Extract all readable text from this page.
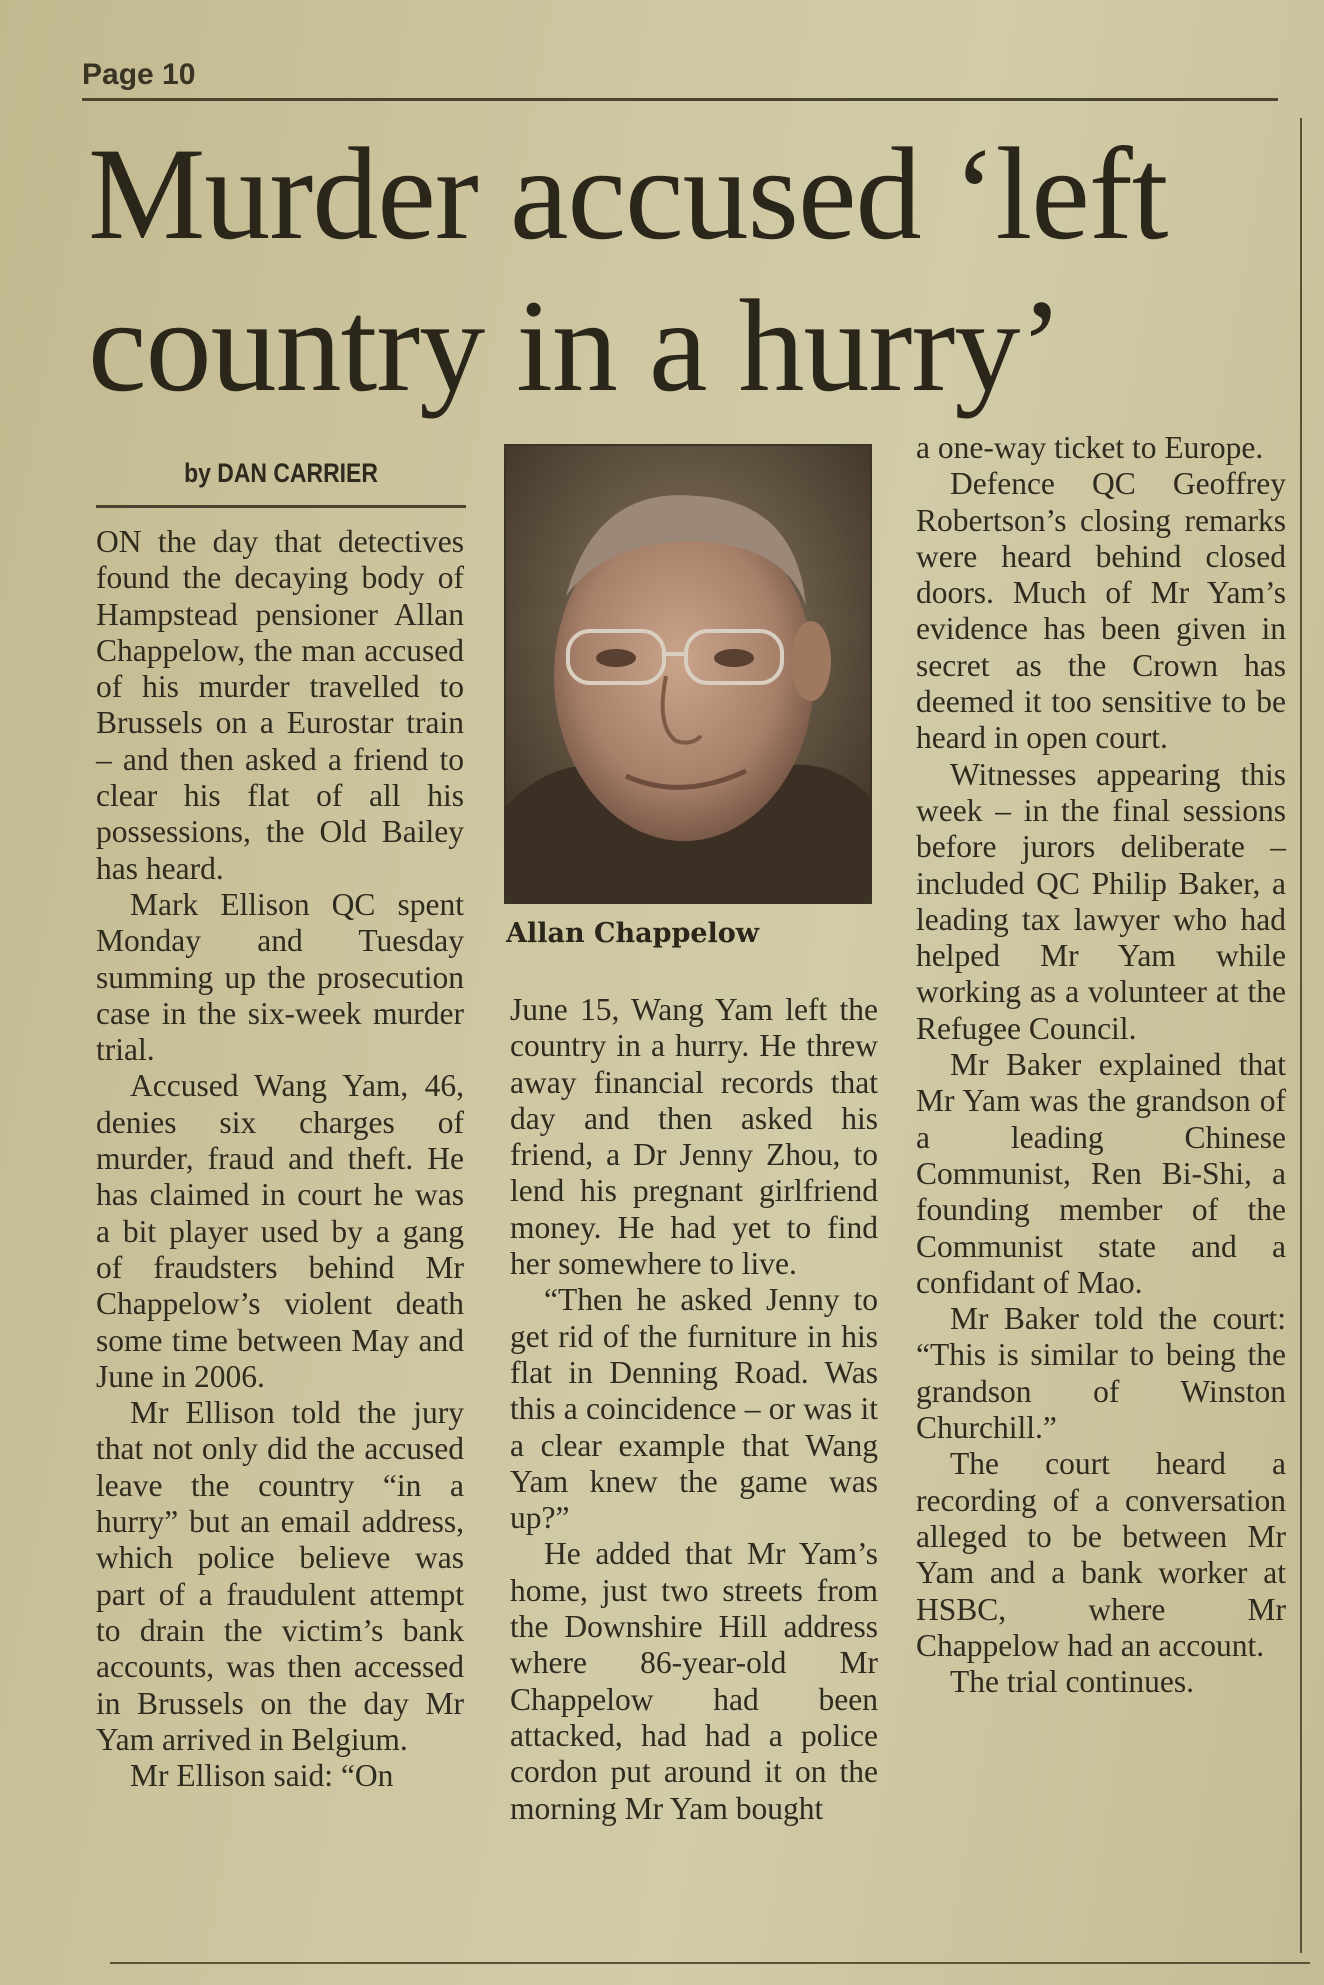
Page 10
Murder accused ‘left country in a hurry’
by DAN CARRIER

ON the day that detectives found the decaying body of Hampstead pensioner Allan Chappelow, the man accused of his murder travelled to Brussels on a Eurostar train – and then asked a friend to clear his flat of all his possessions, the Old Bailey has heard.

Mark Ellison QC spent Monday and Tuesday summing up the prosecution case in the six-week murder trial.

Accused Wang Yam, 46, denies six charges of murder, fraud and theft. He has claimed in court he was a bit player used by a gang of fraudsters behind Mr Chappelow’s violent death some time between May and June in 2006.

Mr Ellison told the jury that not only did the accused leave the country “in a hurry” but an email address, which police believe was part of a fraudulent attempt to drain the victim’s bank accounts, was then accessed in Brussels on the day Mr Yam arrived in Belgium.

Mr Ellison said: “On

Allan Chappelow

June 15, Wang Yam left the country in a hurry. He threw away financial records that day and then asked his friend, a Dr Jenny Zhou, to lend his pregnant girlfriend money. He had yet to find her somewhere to live.

“Then he asked Jenny to get rid of the furniture in his flat in Denning Road. Was this a coincidence – or was it a clear example that Wang Yam knew the game was up?”

He added that Mr Yam’s home, just two streets from the Downshire Hill address where 86-year-old Mr Chappelow had been attacked, had had a police cordon put around it on the morning Mr Yam bought

a one-way ticket to Europe.

Defence QC Geoffrey Robertson’s closing remarks were heard behind closed doors. Much of Mr Yam’s evidence has been given in secret as the Crown has deemed it too sensitive to be heard in open court.

Witnesses appearing this week – in the final sessions before jurors deliberate – included QC Philip Baker, a leading tax lawyer who had helped Mr Yam while working as a volunteer at the Refugee Council.

Mr Baker explained that Mr Yam was the grandson of a leading Chinese Communist, Ren Bi-Shi, a founding member of the Communist state and a confidant of Mao.

Mr Baker told the court: “This is similar to being the grandson of Winston Churchill.”

The court heard a recording of a conversation alleged to be between Mr Yam and a bank worker at HSBC, where Mr Chappelow had an account.

The trial continues.
